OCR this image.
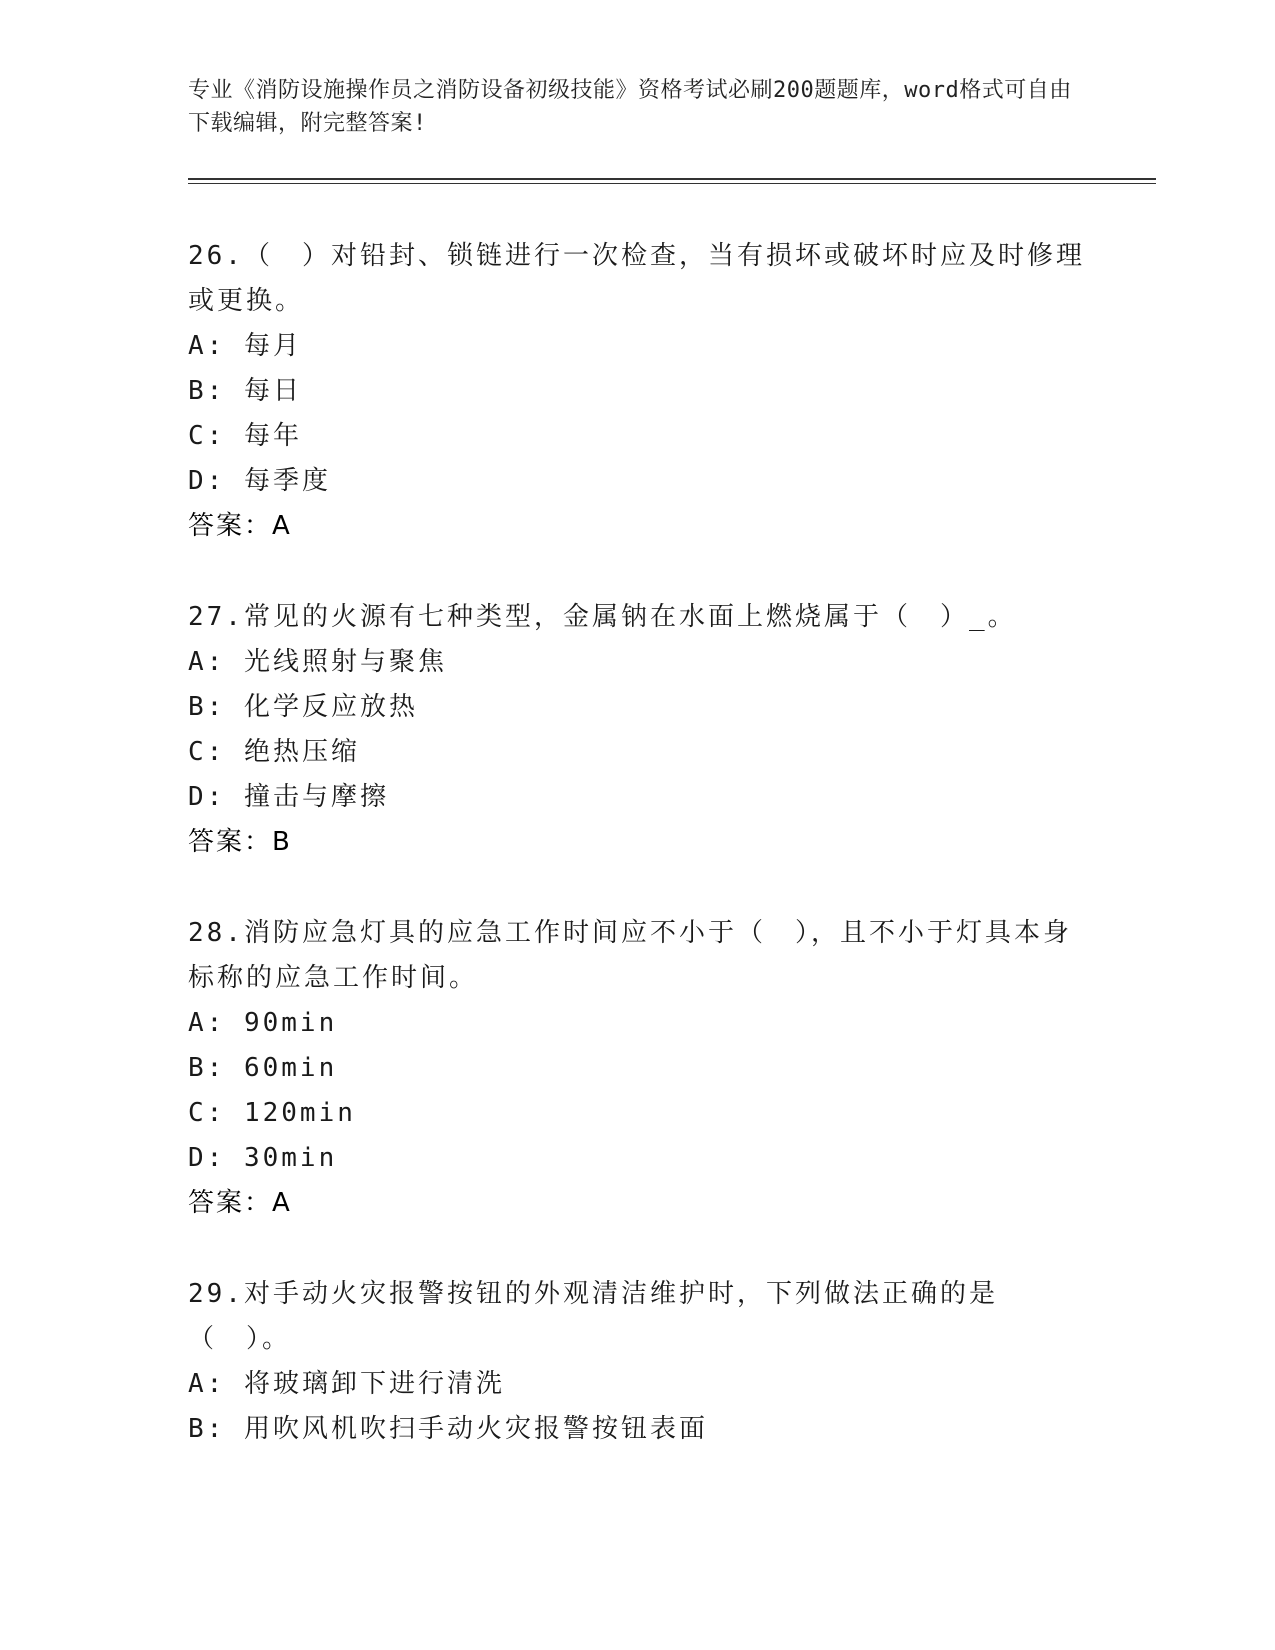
专业《消防设施操作员之消防设备初级技能》资格考试必刷200题题库，word格式可自由下载编辑，附完整答案!

26.（　）对铅封、锁链进行一次检查，当有损坏或破坏时应及时修理或更换。

A: 每月

B: 每日

C: 每年

D: 每季度

答案：A

27.常见的火源有七种类型，金属钠在水面上燃烧属于（　）_。

A: 光线照射与聚焦

B: 化学反应放热

C: 绝热压缩

D: 撞击与摩擦

答案：B

28.消防应急灯具的应急工作时间应不小于（　），且不小于灯具本身标称的应急工作时间。

A: 90min

B: 60min

C: 120min

D: 30min

答案：A

29.对手动火灾报警按钮的外观清洁维护时，下列做法正确的是（　）。

A: 将玻璃卸下进行清洗

B: 用吹风机吹扫手动火灾报警按钮表面
